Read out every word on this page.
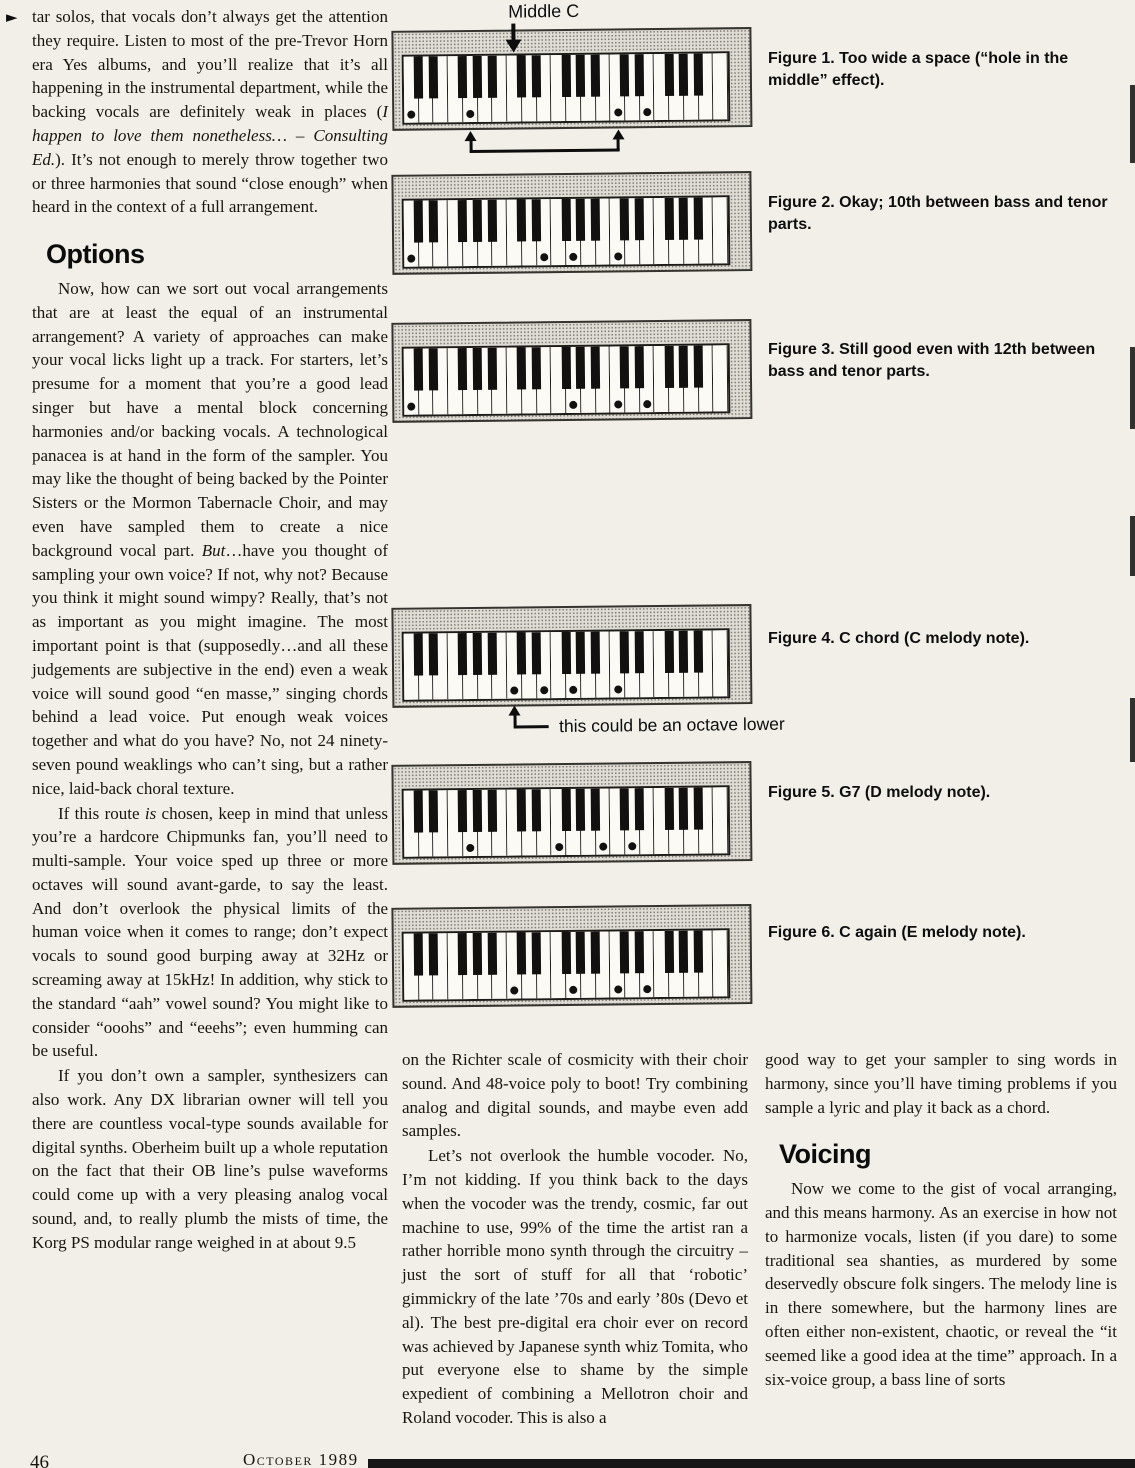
► tar solos, that vocals don’t always get the attention they require. Listen to most of the pre-Trevor Horn era Yes albums, and you’ll realize that it’s all happening in the instrumental department, while the backing vocals are definitely weak in places (I happen to love them nonetheless… – Consulting Ed.). It’s not enough to merely throw together two or three harmonies that sound “close enough” when heard in the context of a full arrangement.

Options

Now, how can we sort out vocal arrangements that are at least the equal of an instrumental arrangement? A variety of approaches can make your vocal licks light up a track. For starters, let’s presume for a moment that you’re a good lead singer but have a mental block concerning harmonies and/or backing vocals. A technological panacea is at hand in the form of the sampler. You may like the thought of being backed by the Pointer Sisters or the Mormon Tabernacle Choir, and may even have sampled them to create a nice background vocal part. But…have you thought of sampling your own voice? If not, why not? Because you think it might sound wimpy? Really, that’s not as important as you might imagine. The most important point is that (supposedly…and all these judgements are subjective in the end) even a weak voice will sound good “en masse,” singing chords behind a lead voice. Put enough weak voices together and what do you have? No, not 24 ninety-seven pound weaklings who can’t sing, but a rather nice, laid-back choral texture.

If this route is chosen, keep in mind that unless you’re a hardcore Chipmunks fan, you’ll need to multi-sample. Your voice sped up three or more octaves will sound avant-garde, to say the least. And don’t overlook the physical limits of the human voice when it comes to range; don’t expect vocals to sound good burping away at 32Hz or screaming away at 15kHz! In addition, why stick to the standard “aah” vowel sound? You might like to consider “ooohs” and “eeehs”; even humming can be useful.

If you don’t own a sampler, synthesizers can also work. Any DX librarian owner will tell you there are countless vocal-type sounds available for digital synths. Oberheim built up a whole reputation on the fact that their OB line’s pulse waveforms could come up with a very pleasing analog vocal sound, and, to really plumb the mists of time, the Korg PS modular range weighed in at about 9.5

on the Richter scale of cosmicity with their choir sound. And 48-voice poly to boot! Try combining analog and digital sounds, and maybe even add samples.

Let’s not overlook the humble vocoder. No, I’m not kidding. If you think back to the days when the vocoder was the trendy, cosmic, far out machine to use, 99% of the time the artist ran a rather horrible mono synth through the circuitry – just the sort of stuff for all that ‘robotic’ gimmickry of the late ’70s and early ’80s (Devo et al). The best pre-digital era choir ever on record was achieved by Japanese synth whiz Tomita, who put everyone else to shame by the simple expedient of combining a Mellotron choir and Roland vocoder. This is also a

good way to get your sampler to sing words in harmony, since you’ll have timing problems if you sample a lyric and play it back as a chord.

Voicing

Now we come to the gist of vocal arranging, and this means harmony. As an exercise in how not to harmonize vocals, listen (if you dare) to some traditional sea shanties, as murdered by some deservedly obscure folk singers. The melody line is in there somewhere, but the harmony lines are often either non-existent, chaotic, or reveal the “it seemed like a good idea at the time” approach. In a six-voice group, a bass line of sorts

Figure 1. Too wide a space (“hole in the middle” effect).
Figure 2. Okay; 10th between bass and tenor parts.
Figure 3. Still good even with 12th between bass and tenor parts.
Figure 4. C chord (C melody note).
Figure 5. G7 (D melody note).
Figure 6. C again (E melody note).
Middle C
this could be an octave lower
46	October 1989
